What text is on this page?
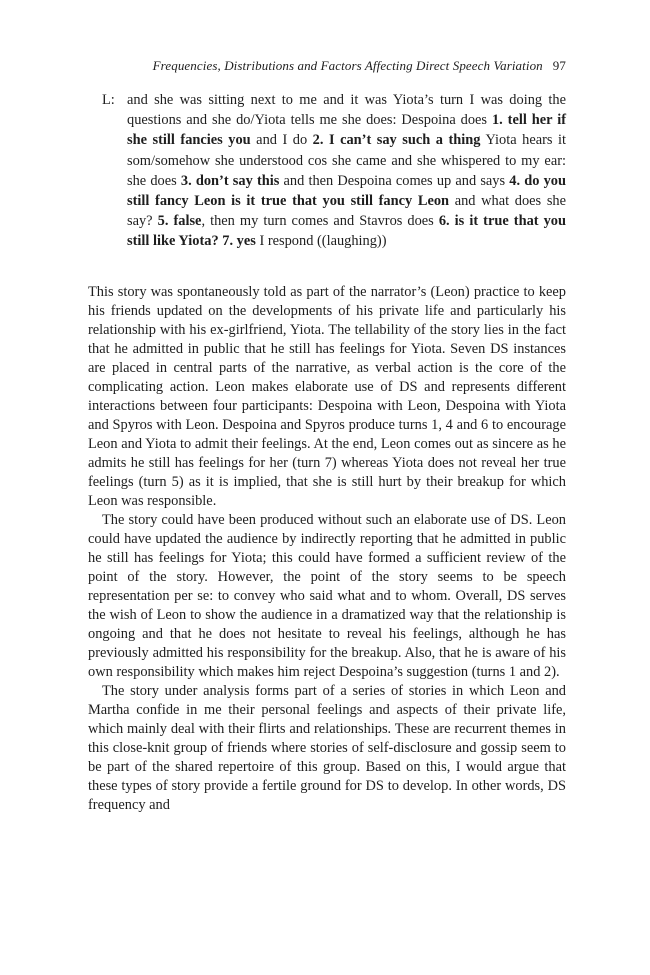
Frequencies, Distributions and Factors Affecting Direct Speech Variation 97
L: and she was sitting next to me and it was Yiota’s turn I was doing the questions and she do/Yiota tells me she does: Despoina does 1. tell her if she still fancies you and I do 2. I can’t say such a thing Yiota hears it som/somehow she understood cos she came and she whispered to my ear: she does 3. don’t say this and then Despoina comes up and says 4. do you still fancy Leon is it true that you still fancy Leon and what does she say? 5. false, then my turn comes and Stavros does 6. is it true that you still like Yiota? 7. yes I respond ((laughing))

This story was spontaneously told as part of the narrator’s (Leon) practice to keep his friends updated on the developments of his private life and particularly his relationship with his ex-girlfriend, Yiota. The tellability of the story lies in the fact that he admitted in public that he still has feelings for Yiota. Seven DS instances are placed in central parts of the narrative, as verbal action is the core of the complicating action. Leon makes elaborate use of DS and represents different interactions between four participants: Despoina with Leon, Despoina with Yiota and Spyros with Leon. Despoina and Spyros produce turns 1, 4 and 6 to encourage Leon and Yiota to admit their feelings. At the end, Leon comes out as sincere as he admits he still has feelings for her (turn 7) whereas Yiota does not reveal her true feelings (turn 5) as it is implied, that she is still hurt by their breakup for which Leon was responsible.

The story could have been produced without such an elaborate use of DS. Leon could have updated the audience by indirectly reporting that he admitted in public he still has feelings for Yiota; this could have formed a sufficient review of the point of the story. However, the point of the story seems to be speech representation per se: to convey who said what and to whom. Overall, DS serves the wish of Leon to show the audience in a dramatized way that the relationship is ongoing and that he does not hesitate to reveal his feelings, although he has previously admitted his responsibility for the breakup. Also, that he is aware of his own responsibility which makes him reject Despoina’s suggestion (turns 1 and 2).

The story under analysis forms part of a series of stories in which Leon and Martha confide in me their personal feelings and aspects of their private life, which mainly deal with their flirts and relationships. These are recurrent themes in this close-knit group of friends where stories of self-disclosure and gossip seem to be part of the shared repertoire of this group. Based on this, I would argue that these types of story provide a fertile ground for DS to develop. In other words, DS frequency and
